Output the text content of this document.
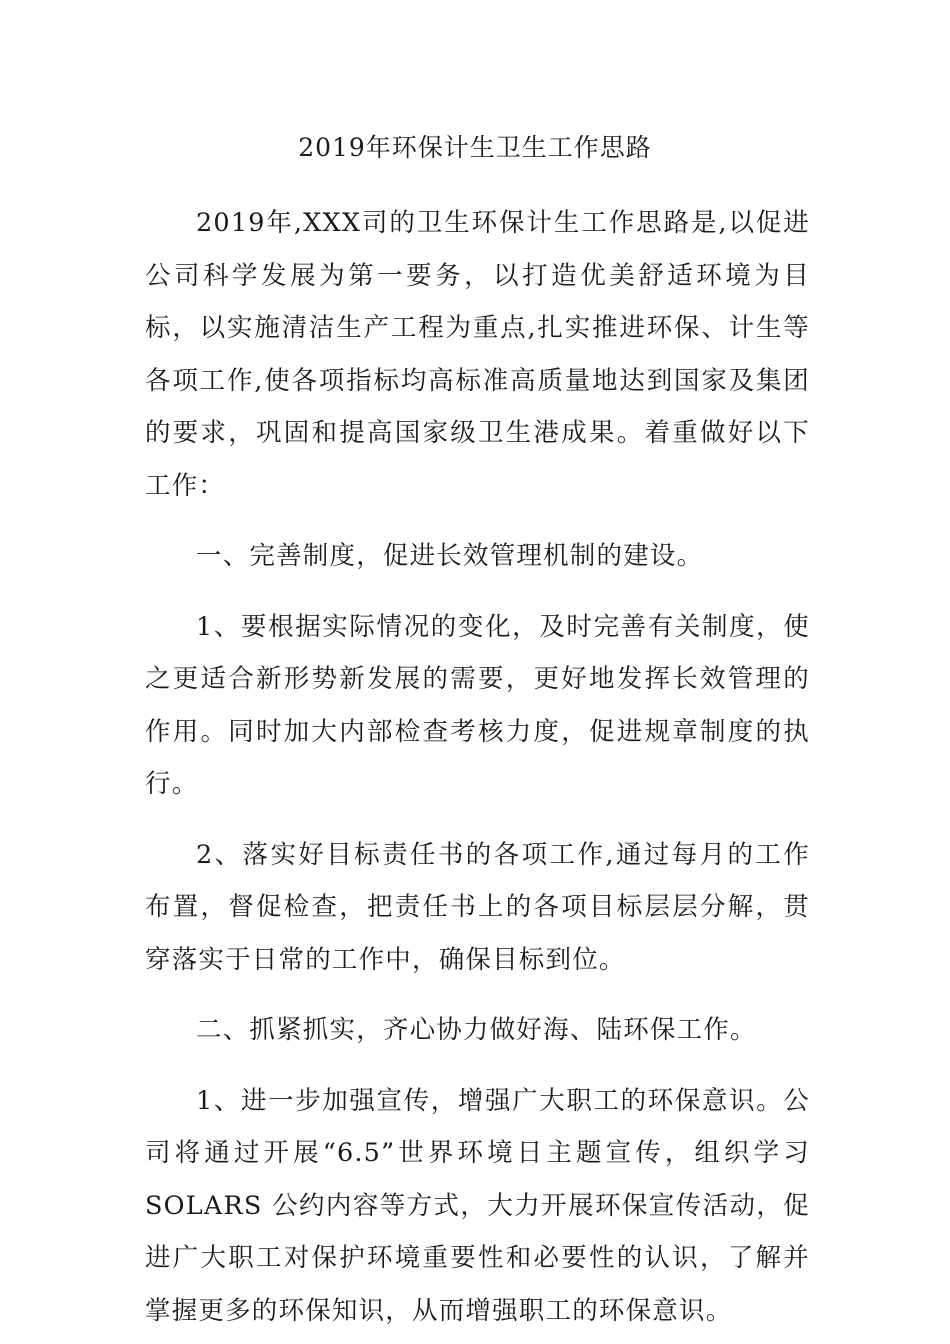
2019年环保计生卫生工作思路

2019年,XXX司的卫生环保计生工作思路是,以促进公司科学发展为第一要务，以打造优美舒适环境为目标，以实施清洁生产工程为重点,扎实推进环保、计生等各项工作,使各项指标均高标准高质量地达到国家及集团的要求，巩固和提高国家级卫生港成果。着重做好以下工作：

一、完善制度，促进长效管理机制的建设。

1、要根据实际情况的变化，及时完善有关制度，使之更适合新形势新发展的需要，更好地发挥长效管理的作用。同时加大内部检查考核力度，促进规章制度的执行。

2、落实好目标责任书的各项工作,通过每月的工作布置，督促检查，把责任书上的各项目标层层分解，贯穿落实于日常的工作中，确保目标到位。

二、抓紧抓实，齐心协力做好海、陆环保工作。

1、进一步加强宣传，增强广大职工的环保意识。公司将通过开展“6.5”世界环境日主题宣传，组织学习 SOLARS 公约内容等方式，大力开展环保宣传活动，促进广大职工对保护环境重要性和必要性的认识，了解并掌握更多的环保知识，从而增强职工的环保意识。
